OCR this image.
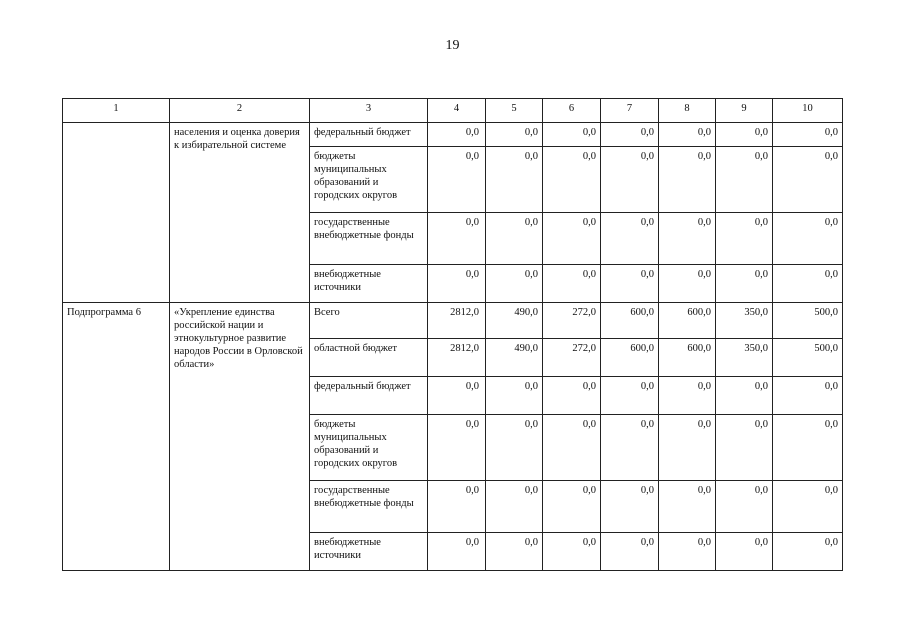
19
1	2	3	4	5	6	7	8	9	10
	населения и оценка доверия к избирательной системе	федеральный бюджет	0,0	0,0	0,0	0,0	0,0	0,0	0,0
		бюджеты муниципальных образований и городских округов	0,0	0,0	0,0	0,0	0,0	0,0	0,0
		государственные внебюджетные фонды	0,0	0,0	0,0	0,0	0,0	0,0	0,0
		внебюджетные источники	0,0	0,0	0,0	0,0	0,0	0,0	0,0
Подпрограмма 6	«Укрепление единства российской нации и этнокультурное развитие народов России в Орловской области»	Всего	2812,0	490,0	272,0	600,0	600,0	350,0	500,0
		областной бюджет	2812,0	490,0	272,0	600,0	600,0	350,0	500,0
		федеральный бюджет	0,0	0,0	0,0	0,0	0,0	0,0	0,0
		бюджеты муниципальных образований и городских округов	0,0	0,0	0,0	0,0	0,0	0,0	0,0
		государственные внебюджетные фонды	0,0	0,0	0,0	0,0	0,0	0,0	0,0
		внебюджетные источники	0,0	0,0	0,0	0,0	0,0	0,0	0,0
